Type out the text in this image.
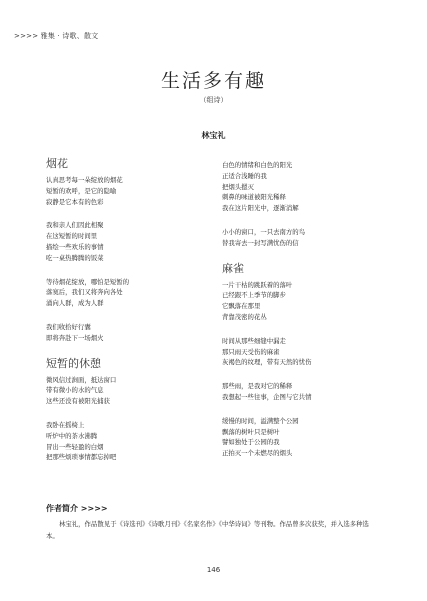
>>>> 雅集 · 诗歌、散文
生活多有趣
（组诗）
林宝礼
烟花
认真思考每一朵绽放的烟花
短暂的欢呼，是它的隐喻
寂静是它本有的色彩
我和亲人们因此相聚
在这短暂的时间里
描绘一些欢乐的事情
吃一桌热腾腾的饭菜
等待烟花绽放，哪怕是短暂的
落寞后，我们又将奔向各处
涌向人群，成为人群
我们收拾好行囊
即将奔赴下一场烟火
短暂的休憩
微风信过涧面，抵达窗口
带有微小的水的气息
这些还没有被阳光捕获
我卧在摇椅上
听炉中的茶水沸腾
冒出一些轻盈的白烟
把那些烦琐事情都忘掉吧
白色的情绪和白色的阳光
正适合浅睡的我
把烟头摁灭
刺鼻的味道被阳光稀释
我在这片阳光中，逐渐消解
小小的窗口，一只去南方的鸟
替我寄去一封写满忧伤的信
麻雀
一片干枯的跳跃着的落叶
已经跟不上季节的脚步
它飘落在那里
背靠茂密的花丛
时间从那些细缝中漏走
那只雨天受伤的麻雀
灰褐色的纹理，带有天然的忧伤
那些雨，是我对它的稀释
我想起一些往事，企图与它共情
缓慢的时间，溢满整个公园
飘落的树叶只是树叶
譬如独处于公园的我
正拍灭一个未燃尽的烟头
作者简介 >>>>
林宝礼，作品散见于《诗选刊》《诗歌月刊》《名家名作》《中华诗词》等刊物。作品曾多次获奖，并入选多种选本。
146
